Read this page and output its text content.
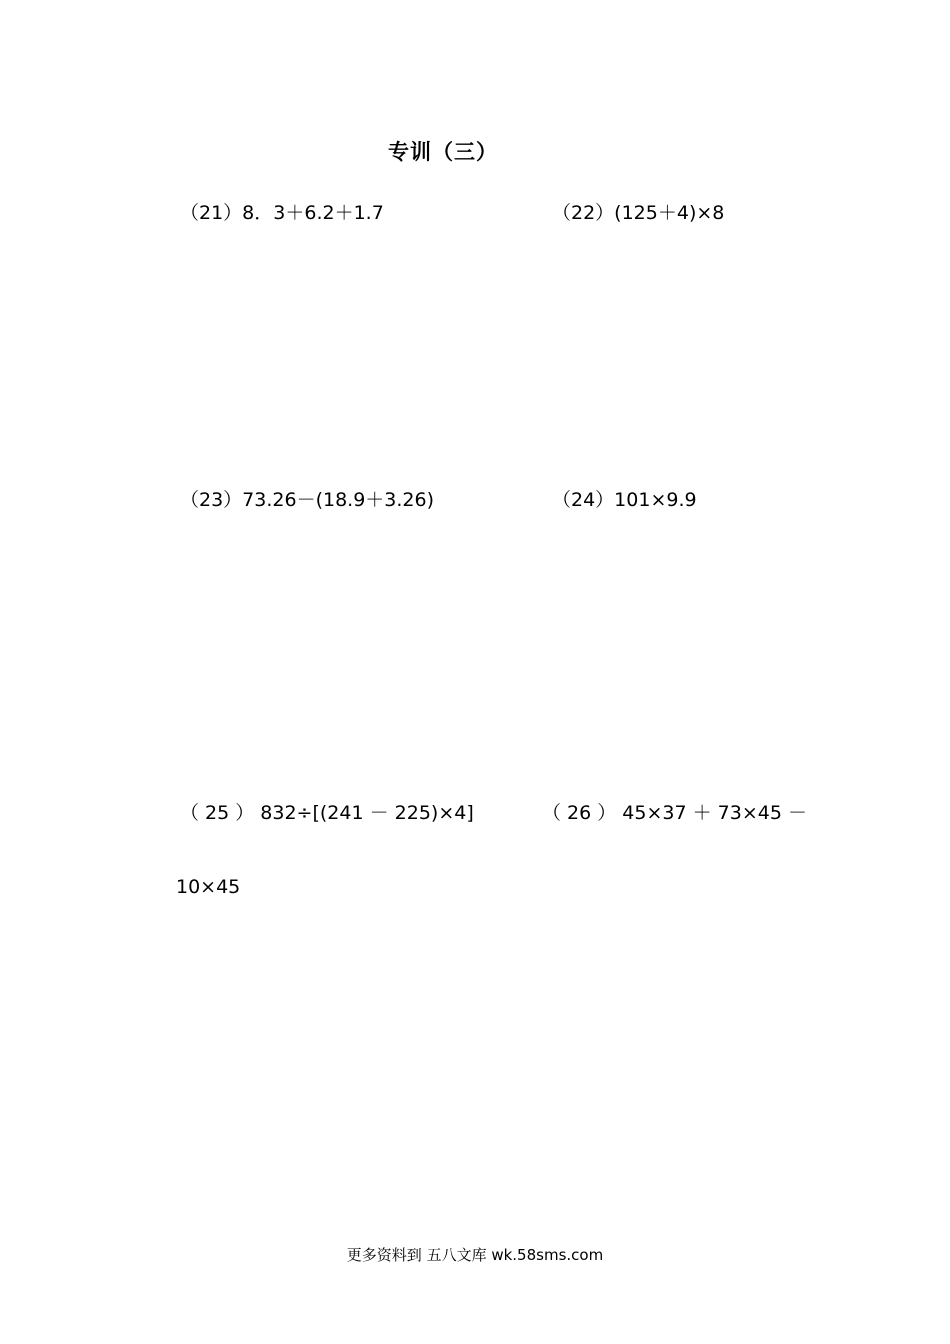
专训（三）
（21）8．3＋6.2＋1.7	（22）(125＋4)×8
（23）73.26－(18.9＋3.26)	（24）101×9.9
（ 25 ） 832÷[(241 － 225)×4]	（ 26 ） 45×37 ＋ 73×45 －
10×45
更多资料到 五八文库 wk.58sms.com
